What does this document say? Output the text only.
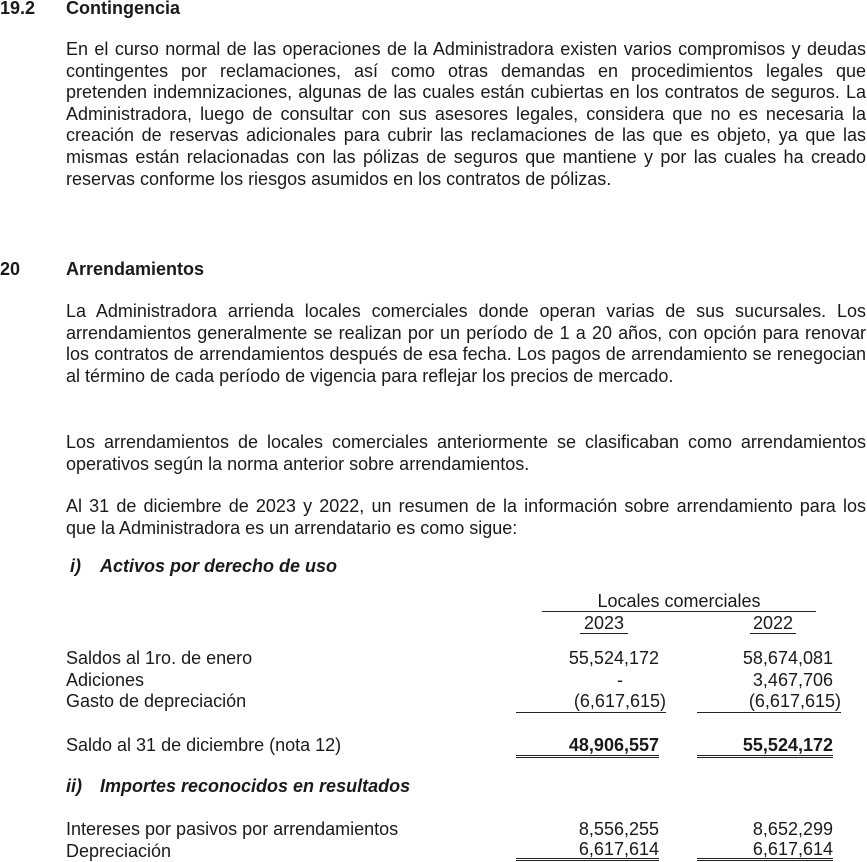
19.2 Contingencia
En el curso normal de las operaciones de la Administradora existen varios compromisos y deudas contingentes por reclamaciones, así como otras demandas en procedimientos legales que pretenden indemnizaciones, algunas de las cuales están cubiertas en los contratos de seguros. La Administradora, luego de consultar con sus asesores legales, considera que no es necesaria la creación de reservas adicionales para cubrir las reclamaciones de las que es objeto, ya que las mismas están relacionadas con las pólizas de seguros que mantiene y por las cuales ha creado reservas conforme los riesgos asumidos en los contratos de pólizas.
20	Arrendamientos
La Administradora arrienda locales comerciales donde operan varias de sus sucursales. Los arrendamientos generalmente se realizan por un período de 1 a 20 años, con opción para renovar los contratos de arrendamientos después de esa fecha. Los pagos de arrendamiento se renegocian al término de cada período de vigencia para reflejar los precios de mercado.
Los arrendamientos de locales comerciales anteriormente se clasificaban como arrendamientos operativos según la norma anterior sobre arrendamientos.
Al 31 de diciembre de 2023 y 2022, un resumen de la información sobre arrendamiento para los que la Administradora es un arrendatario es como sigue:
i) Activos por derecho de uso
Locales comerciales
2023	2022
Saldos al 1ro. de enero	55,524,172	58,674,081
Adiciones	-	3,467,706
Gasto de depreciación	(6,617,615)	(6,617,615)
Saldo al 31 de diciembre (nota 12)	48,906,557	55,524,172
ii) Importes reconocidos en resultados
Intereses por pasivos por arrendamientos	8,556,255	8,652,299
Depreciación	6,617,614	6,617,614
